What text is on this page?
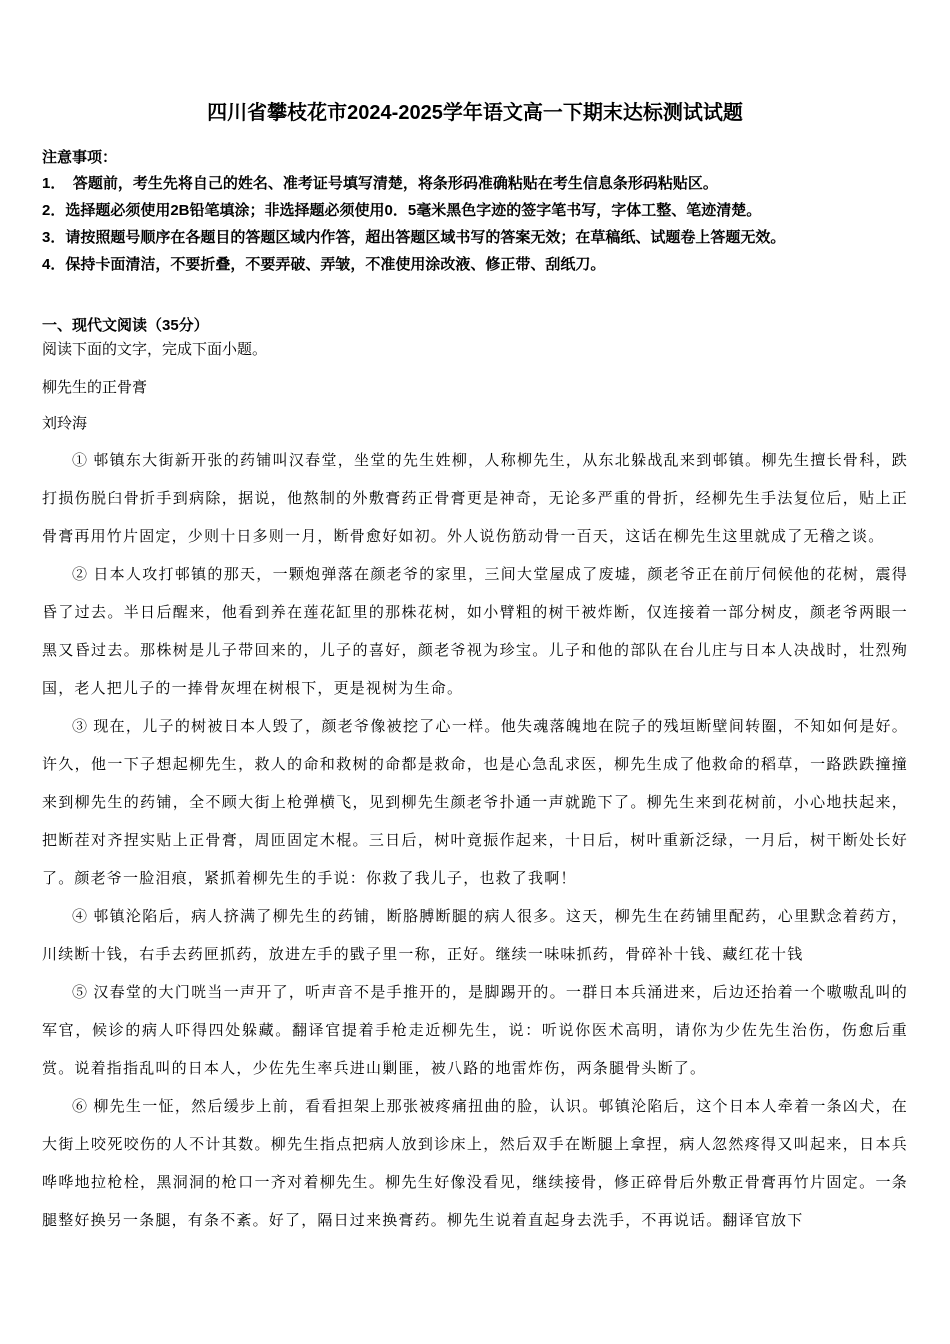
四川省攀枝花市2024-2025学年语文高一下期末达标测试试题
注意事项：
1．　答题前，考生先将自己的姓名、准考证号填写清楚，将条形码准确粘贴在考生信息条形码粘贴区。
2．选择题必须使用2B铅笔填涂；非选择题必须使用0．5毫米黑色字迹的签字笔书写，字体工整、笔迹清楚。
3．请按照题号顺序在各题目的答题区域内作答，超出答题区域书写的答案无效；在草稿纸、试题卷上答题无效。
4．保持卡面清洁，不要折叠，不要弄破、弄皱，不准使用涂改液、修正带、刮纸刀。
一、现代文阅读（35分）
阅读下面的文字，完成下面小题。
柳先生的正骨膏
刘玲海

① 邨镇东大街新开张的药铺叫汉春堂，坐堂的先生姓柳，人称柳先生，从东北躲战乱来到邨镇。柳先生擅长骨科，跌打损伤脱臼骨折手到病除，据说，他熬制的外敷膏药正骨膏更是神奇，无论多严重的骨折，经柳先生手法复位后，贴上正骨膏再用竹片固定，少则十日多则一月，断骨愈好如初。外人说伤筋动骨一百天，这话在柳先生这里就成了无稽之谈。

② 日本人攻打邨镇的那天，一颗炮弹落在颜老爷的家里，三间大堂屋成了废墟，颜老爷正在前厅伺候他的花树，震得昏了过去。半日后醒来，他看到养在莲花缸里的那株花树，如小臂粗的树干被炸断，仅连接着一部分树皮，颜老爷两眼一黑又昏过去。那株树是儿子带回来的，儿子的喜好，颜老爷视为珍宝。儿子和他的部队在台儿庄与日本人决战时，壮烈殉国，老人把儿子的一捧骨灰埋在树根下，更是视树为生命。

③ 现在，儿子的树被日本人毁了，颜老爷像被挖了心一样。他失魂落魄地在院子的残垣断壁间转圈，不知如何是好。许久，他一下子想起柳先生，救人的命和救树的命都是救命，也是心急乱求医，柳先生成了他救命的稻草，一路跌跌撞撞来到柳先生的药铺，全不顾大街上枪弹横飞，见到柳先生颜老爷扑通一声就跪下了。柳先生来到花树前，小心地扶起来，把断茬对齐捏实贴上正骨膏，周匝固定木棍。三日后，树叶竟振作起来，十日后，树叶重新泛绿，一月后，树干断处长好了。颜老爷一脸泪痕，紧抓着柳先生的手说：你救了我儿子，也救了我啊！

④ 邨镇沦陷后，病人挤满了柳先生的药铺，断胳膊断腿的病人很多。这天，柳先生在药铺里配药，心里默念着药方，川续断十钱，右手去药匣抓药，放进左手的戥子里一称，正好。继续一味味抓药，骨碎补十钱、藏红花十钱

⑤ 汉春堂的大门咣当一声开了，听声音不是手推开的，是脚踢开的。一群日本兵涌进来，后边还抬着一个嗷嗷乱叫的军官，候诊的病人吓得四处躲藏。翻译官提着手枪走近柳先生，说：听说你医术高明，请你为少佐先生治伤，伤愈后重赏。说着指指乱叫的日本人，少佐先生率兵进山剿匪，被八路的地雷炸伤，两条腿骨头断了。

⑥ 柳先生一怔，然后缓步上前，看看担架上那张被疼痛扭曲的脸，认识。邨镇沦陷后，这个日本人牵着一条凶犬，在大街上咬死咬伤的人不计其数。柳先生指点把病人放到诊床上，然后双手在断腿上拿捏，病人忽然疼得又叫起来，日本兵哗哗地拉枪栓，黑洞洞的枪口一齐对着柳先生。柳先生好像没看见，继续接骨，修正碎骨后外敷正骨膏再竹片固定。一条腿整好换另一条腿，有条不紊。好了，隔日过来换膏药。柳先生说着直起身去洗手，不再说话。翻译官放下
